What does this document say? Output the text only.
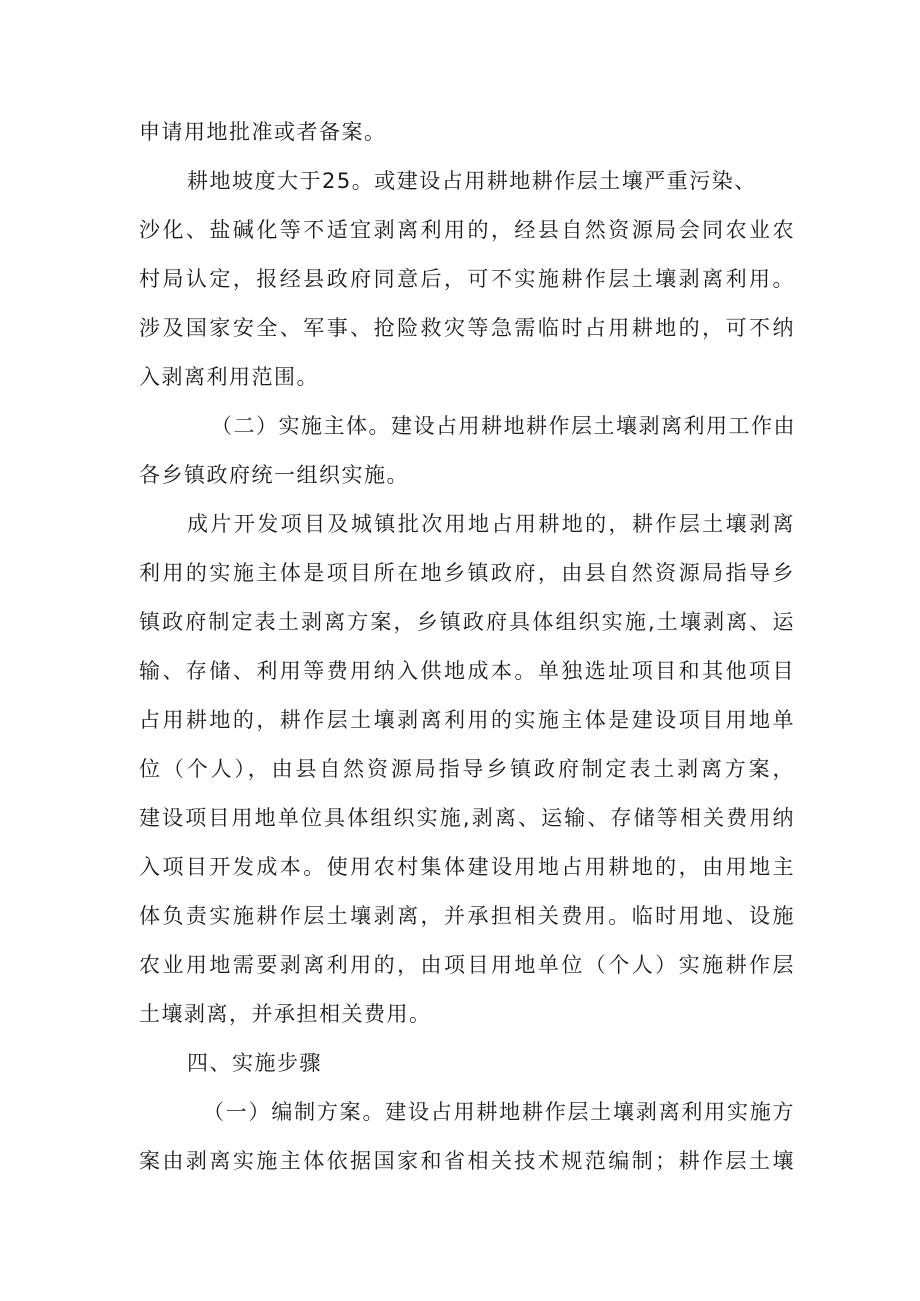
申请用地批准或者备案。
耕地坡度大于25。或建设占用耕地耕作层土壤严重污染、
沙化、盐碱化等不适宜剥离利用的，经县自然资源局会同农业农
村局认定，报经县政府同意后，可不实施耕作层土壤剥离利用。
涉及国家安全、军事、抢险救灾等急需临时占用耕地的，可不纳
入剥离利用范围。
（二）实施主体。建设占用耕地耕作层土壤剥离利用工作由
各乡镇政府统一组织实施。
成片开发项目及城镇批次用地占用耕地的，耕作层土壤剥离
利用的实施主体是项目所在地乡镇政府，由县自然资源局指导乡
镇政府制定表土剥离方案，乡镇政府具体组织实施,土壤剥离、运
输、存储、利用等费用纳入供地成本。单独选址项目和其他项目
占用耕地的，耕作层土壤剥离利用的实施主体是建设项目用地单
位（个人），由县自然资源局指导乡镇政府制定表土剥离方案，
建设项目用地单位具体组织实施,剥离、运输、存储等相关费用纳
入项目开发成本。使用农村集体建设用地占用耕地的，由用地主
体负责实施耕作层土壤剥离，并承担相关费用。临时用地、设施
农业用地需要剥离利用的，由项目用地单位（个人）实施耕作层
土壤剥离，并承担相关费用。
四、实施步骤
（一）编制方案。建设占用耕地耕作层土壤剥离利用实施方
案由剥离实施主体依据国家和省相关技术规范编制；耕作层土壤
